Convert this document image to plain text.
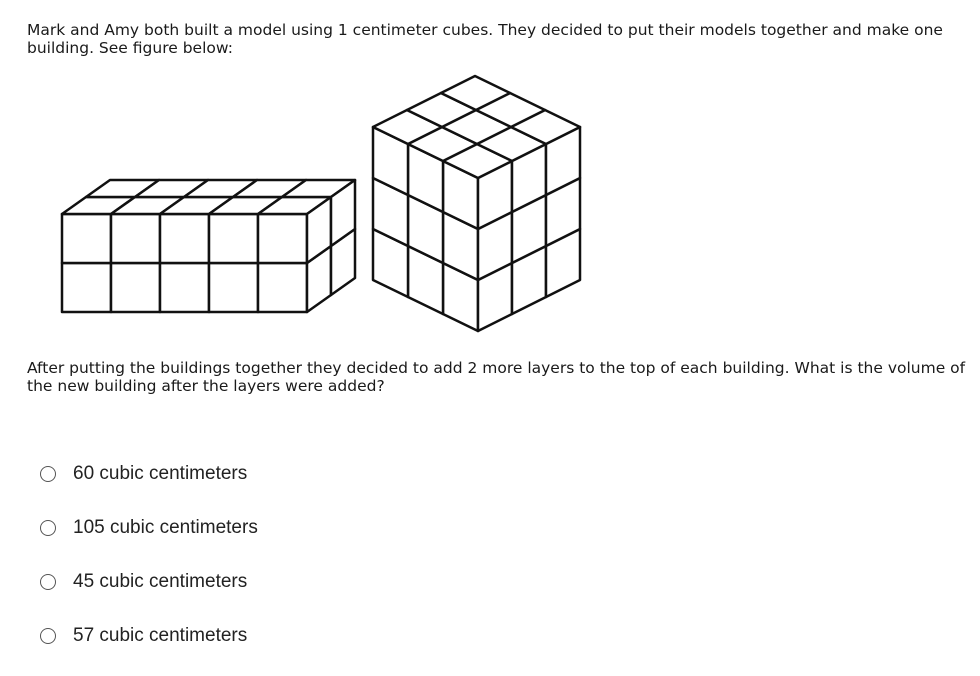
Mark and Amy both built a model using 1 centimeter cubes. They decided to put their models together and make one building. See figure below:

After putting the buildings together they decided to add 2 more layers to the top of each building. What is the volume of the new building after the layers were added?

60 cubic centimeters
105 cubic centimeters
45 cubic centimeters
57 cubic centimeters
